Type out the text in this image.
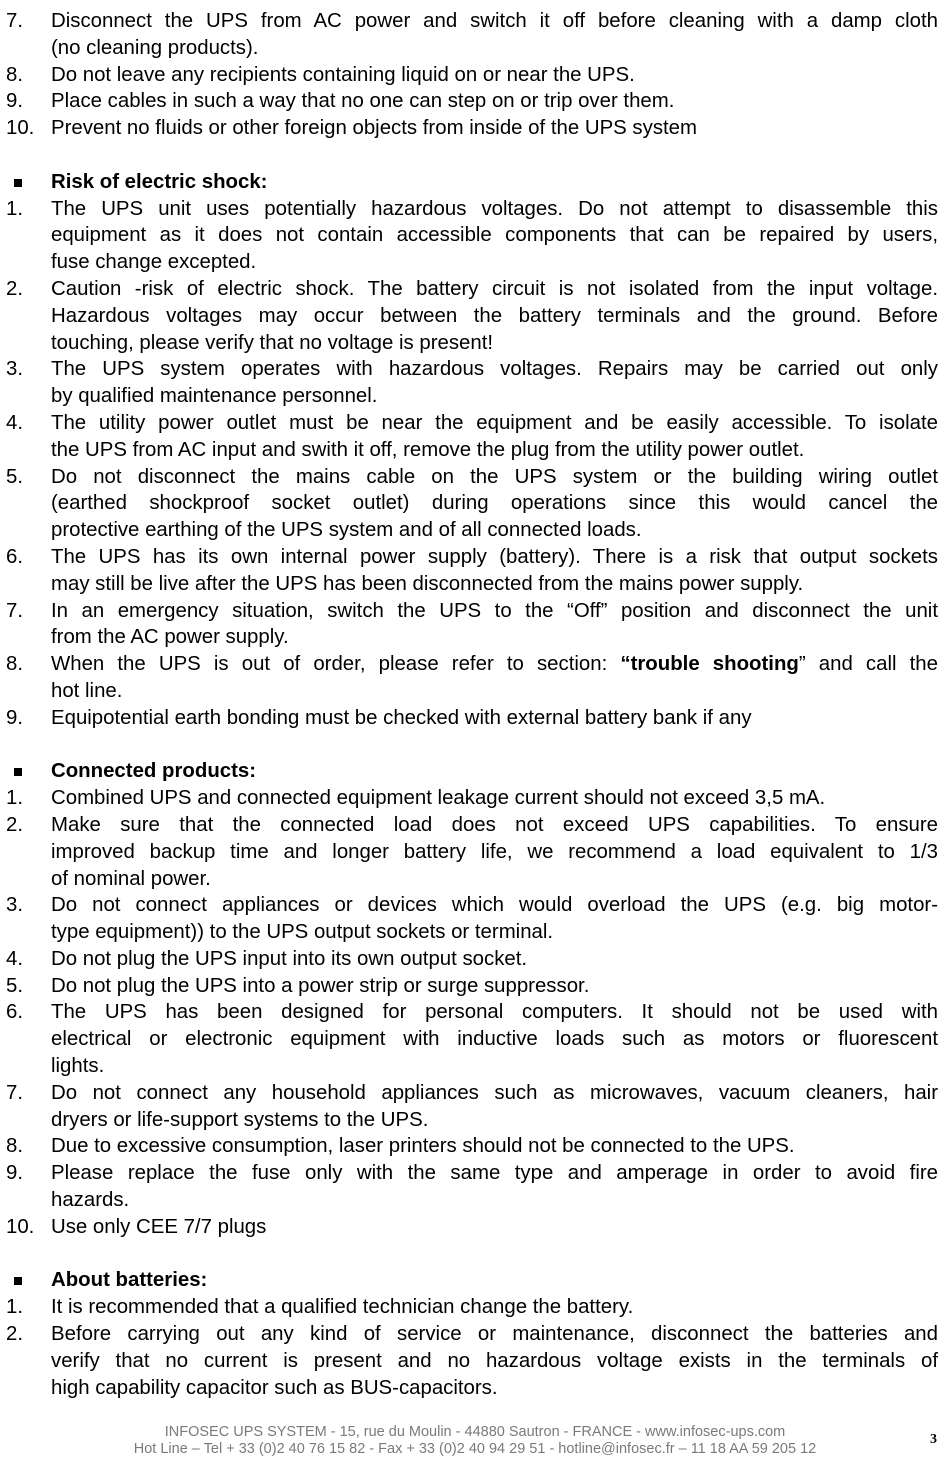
7. Disconnect the UPS from AC power and switch it off before cleaning with a damp cloth
(no cleaning products).
8. Do not leave any recipients containing liquid on or near the UPS.
9. Place cables in such a way that no one can step on or trip over them.
10. Prevent no fluids or other foreign objects from inside of the UPS system
Risk of electric shock:
1. The UPS unit uses potentially hazardous voltages. Do not attempt to disassemble this
equipment as it does not contain accessible components that can be repaired by users,
fuse change excepted.
2. Caution -risk of electric shock. The battery circuit is not isolated from the input voltage.
Hazardous voltages may occur between the battery terminals and the ground. Before
touching, please verify that no voltage is present!
3. The UPS system operates with hazardous voltages. Repairs may be carried out only
by qualified maintenance personnel.
4. The utility power outlet must be near the equipment and be easily accessible. To isolate
the UPS from AC input and swith it off, remove the plug from the utility power outlet.
5. Do not disconnect the mains cable on the UPS system or the building wiring outlet
(earthed shockproof socket outlet) during operations since this would cancel the
protective earthing of the UPS system and of all connected loads.
6. The UPS has its own internal power supply (battery). There is a risk that output sockets
may still be live after the UPS has been disconnected from the mains power supply.
7. In an emergency situation, switch the UPS to the “Off” position and disconnect the unit
from the AC power supply.
8. When the UPS is out of order, please refer to section: “trouble shooting” and call the
hot line.
9. Equipotential earth bonding must be checked with external battery bank if any
Connected products:
1. Combined UPS and connected equipment leakage current should not exceed 3,5 mA.
2. Make sure that the connected load does not exceed UPS capabilities. To ensure
improved backup time and longer battery life, we recommend a load equivalent to 1/3
of nominal power.
3. Do not connect appliances or devices which would overload the UPS (e.g. big motor-
type equipment)) to the UPS output sockets or terminal.
4. Do not plug the UPS input into its own output socket.
5. Do not plug the UPS into a power strip or surge suppressor.
6. The UPS has been designed for personal computers. It should not be used with
electrical or electronic equipment with inductive loads such as motors or fluorescent
lights.
7. Do not connect any household appliances such as microwaves, vacuum cleaners, hair
dryers or life-support systems to the UPS.
8. Due to excessive consumption, laser printers should not be connected to the UPS.
9. Please replace the fuse only with the same type and amperage in order to avoid fire
hazards.
10. Use only CEE 7/7 plugs
About batteries:
1. It is recommended that a qualified technician change the battery.
2. Before carrying out any kind of service or maintenance, disconnect the batteries and
verify that no current is present and no hazardous voltage exists in the terminals of
high capability capacitor such as BUS-capacitors.
INFOSEC UPS SYSTEM - 15, rue du Moulin - 44880 Sautron - FRANCE - www.infosec-ups.com
Hot Line – Tel + 33 (0)2 40 76 15 82 - Fax + 33 (0)2 40 94 29 51 - hotline@infosec.fr – 11 18 AA 59 205 12
3
